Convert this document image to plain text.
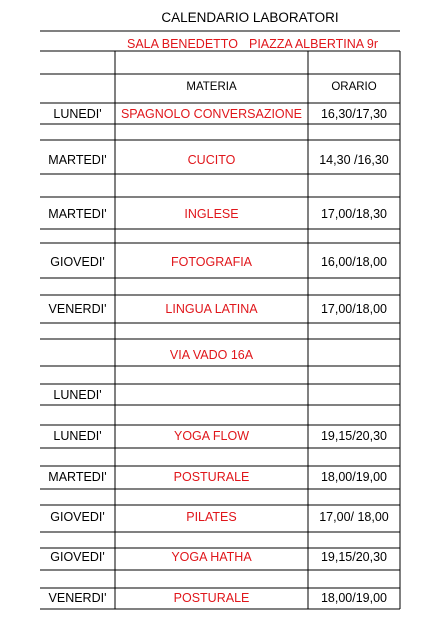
CALENDARIO LABORATORI
SALA BENEDETTO PIAZZA ALBERTINA 9r
MATERIA	ORARIO
LUNEDI'	SPAGNOLO CONVERSAZIONE	16,30/17,30
MARTEDI'	CUCITO	14,30 /16,30
MARTEDI'	INGLESE	17,00/18,30
GIOVEDI'	FOTOGRAFIA	16,00/18,00
VENERDI'	LINGUA LATINA	17,00/18,00
VIA VADO 16A
LUNEDI'
LUNEDI'	YOGA FLOW	19,15/20,30
MARTEDI'	POSTURALE	18,00/19,00
GIOVEDI'	PILATES	17,00/ 18,00
GIOVEDI'	YOGA HATHA	19,15/20,30
VENERDI'	POSTURALE	18,00/19,00
